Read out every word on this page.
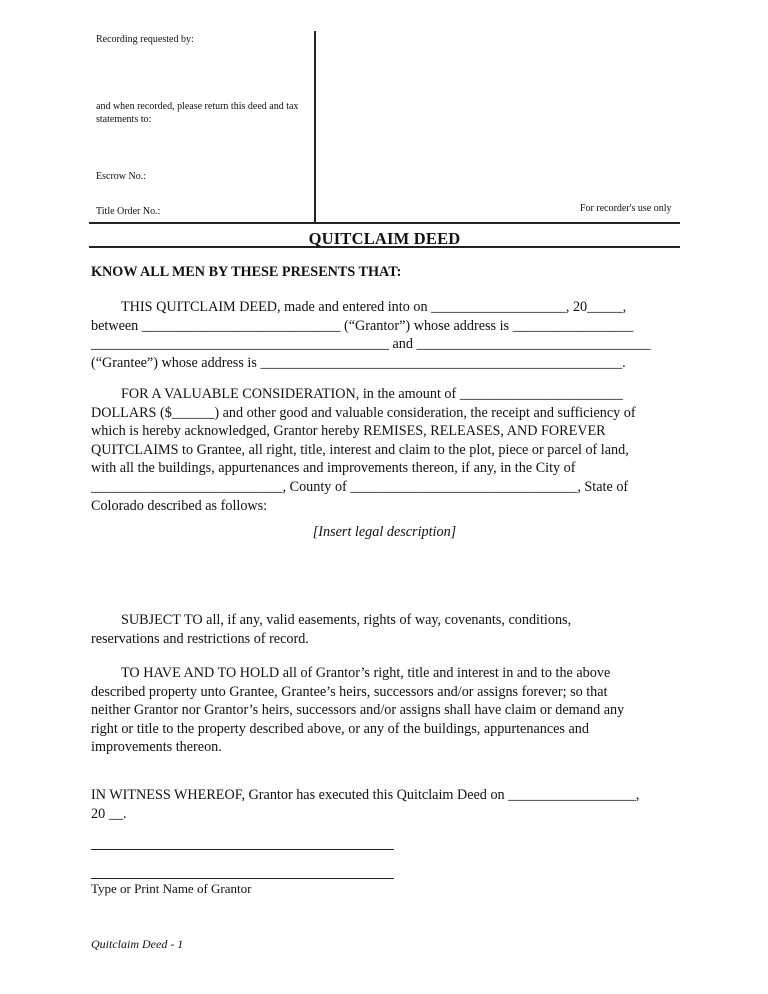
Recording requested by:
and when recorded, please return this deed and tax statements to:
Escrow No.:
Title Order No.:	For recorder's use only
QUITCLAIM DEED
KNOW ALL MEN BY THESE PRESENTS THAT:

THIS QUITCLAIM DEED, made and entered into on ___________________, 20_____,

between ____________________________ (“Grantor”) whose address is _________________

__________________________________________ and _________________________________

(“Grantee”) whose address is ___________________________________________________.

FOR A VALUABLE CONSIDERATION, in the amount of _______________________

DOLLARS ($______) and other good and valuable consideration, the receipt and sufficiency of

which is hereby acknowledged, Grantor hereby REMISES, RELEASES, AND FOREVER

QUITCLAIMS to Grantee, all right, title, interest and claim to the plot, piece or parcel of land,

with all the buildings, appurtenances and improvements thereon, if any, in the City of

___________________________, County of ________________________________, State of

Colorado described as follows:

[Insert legal description]

SUBJECT TO all, if any, valid easements, rights of way, covenants, conditions,

reservations and restrictions of record.

TO HAVE AND TO HOLD all of Grantor’s right, title and interest in and to the above

described property unto Grantee, Grantee’s heirs, successors and/or assigns forever; so that

neither Grantor nor Grantor’s heirs, successors and/or assigns shall have claim or demand any

right or title to the property described above, or any of the buildings, appurtenances and

improvements thereon.

IN WITNESS WHEREOF, Grantor has executed this Quitclaim Deed on __________________,

20 __.

Type or Print Name of Grantor
Quitclaim Deed - 1
